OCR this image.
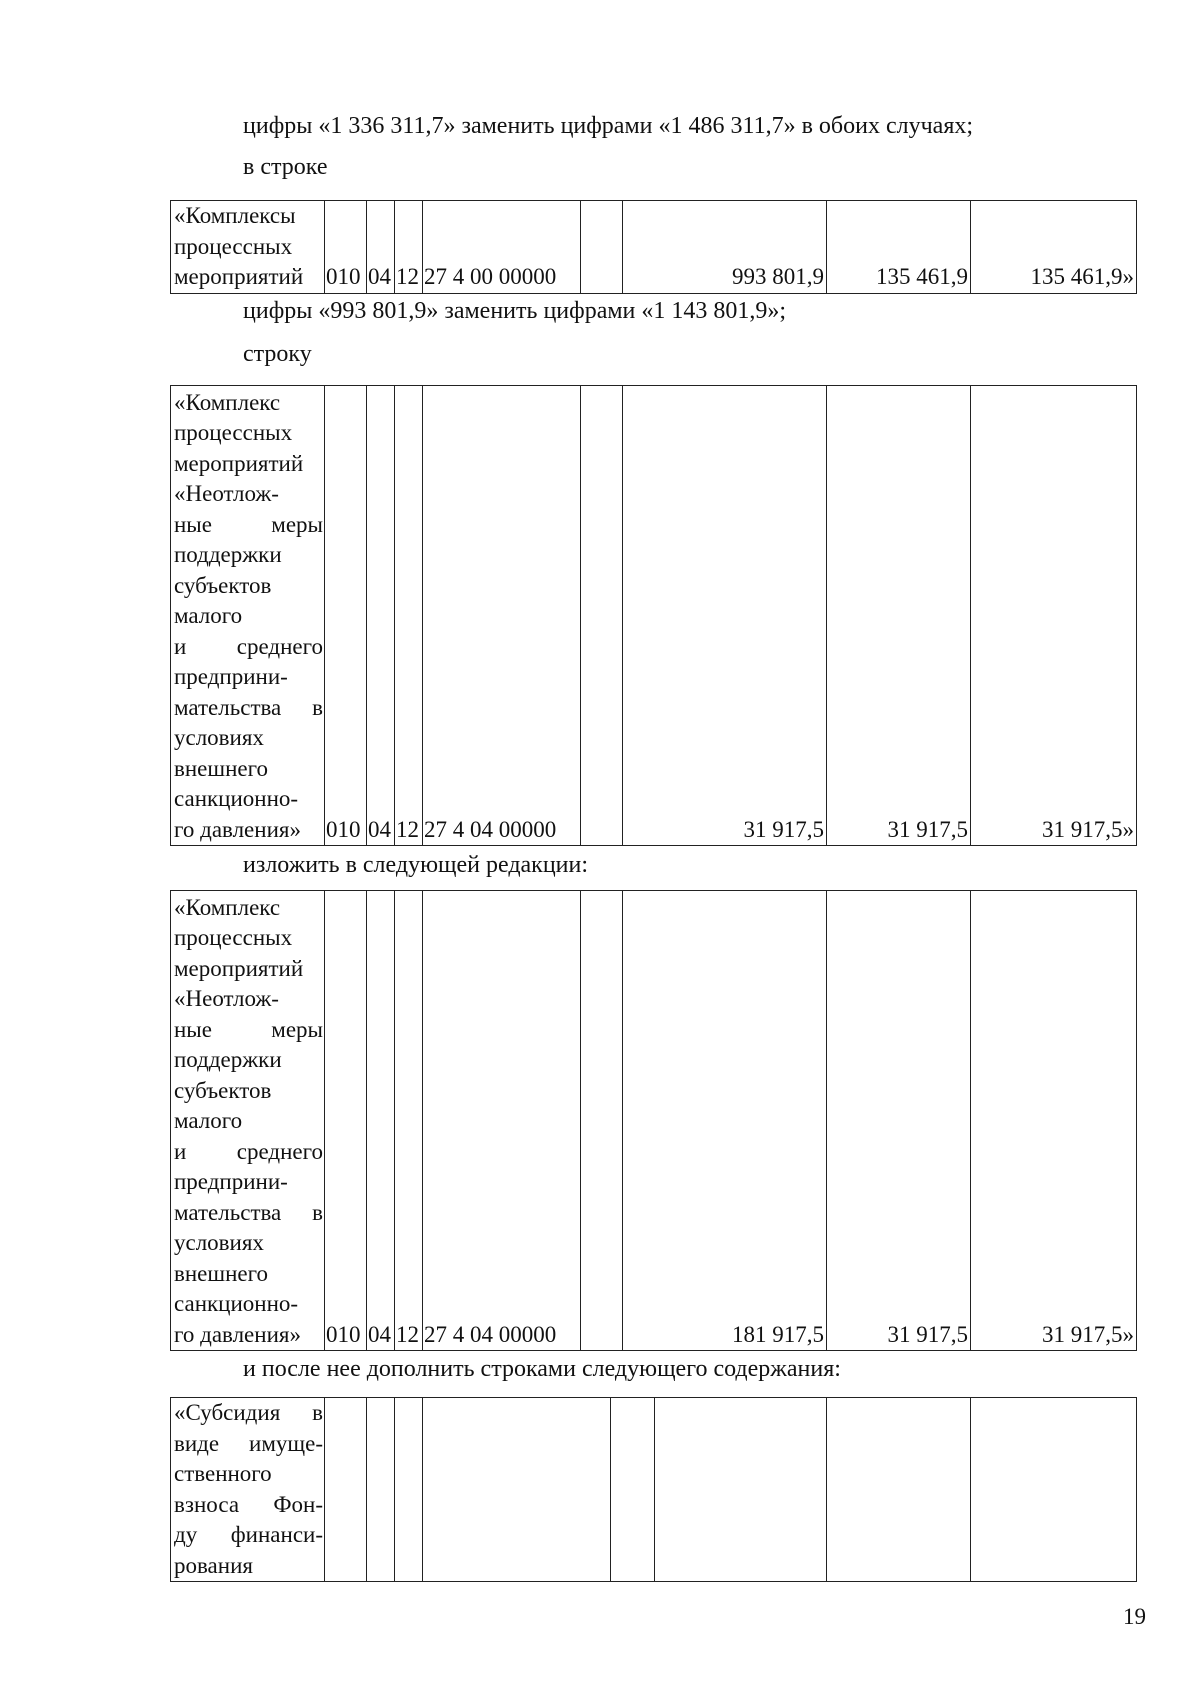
цифры «1 336 311,7» заменить цифрами «1 486 311,7» в обоих случаях;
в строке
«Комплексы
процессных
мероприятий	010	04	12	27 4 00 00000		993 801,9	135 461,9	135 461,9»
цифры «993 801,9» заменить цифрами «1 143 801,9»;
строку
«Комплекс
процессных
мероприятий
«Неотлож-
ные меры
поддержки
субъектов
малого
и среднего
предприни-
мательства в
условиях
внешнего
санкционно-
го давления»	010	04	12	27 4 04 00000		31 917,5	31 917,5	31 917,5»
изложить в следующей редакции:
«Комплекс
процессных
мероприятий
«Неотлож-
ные меры
поддержки
субъектов
малого
и среднего
предприни-
мательства в
условиях
внешнего
санкционно-
го давления»	010	04	12	27 4 04 00000		181 917,5	31 917,5	31 917,5»
и после нее дополнить строками следующего содержания:
«Субсидия в
виде имуще-
ственного
взноса Фон-
ду финанси-
рования

19
